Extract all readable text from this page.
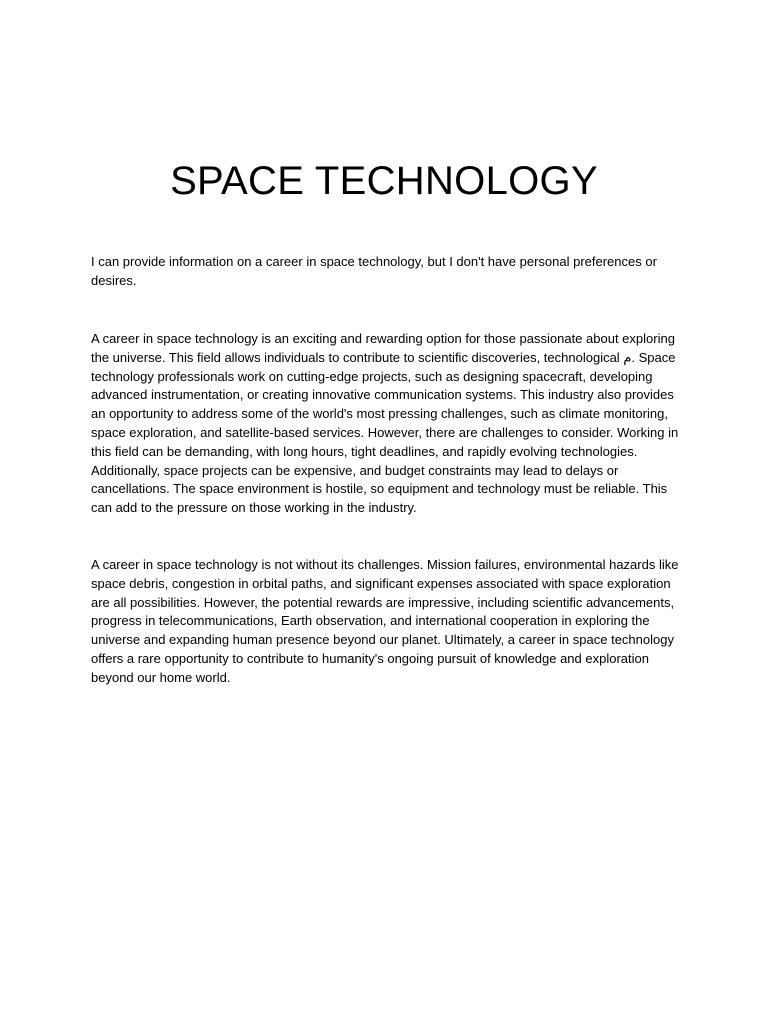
SPACE TECHNOLOGY

I can provide information on a career in space technology, but I don't have personal preferences or desires.

A career in space technology is an exciting and rewarding option for those passionate about exploring the universe. This field allows individuals to contribute to scientific discoveries, technological م. Space technology professionals work on cutting-edge projects, such as designing spacecraft, developing advanced instrumentation, or creating innovative communication systems. This industry also provides an opportunity to address some of the world's most pressing challenges, such as climate monitoring, space exploration, and satellite-based services. However, there are challenges to consider. Working in this field can be demanding, with long hours, tight deadlines, and rapidly evolving technologies. Additionally, space projects can be expensive, and budget constraints may lead to delays or cancellations. The space environment is hostile, so equipment and technology must be reliable. This can add to the pressure on those working in the industry.

A career in space technology is not without its challenges. Mission failures, environmental hazards like space debris, congestion in orbital paths, and significant expenses associated with space exploration are all possibilities. However, the potential rewards are impressive, including scientific advancements, progress in telecommunications, Earth observation, and international cooperation in exploring the universe and expanding human presence beyond our planet. Ultimately, a career in space technology offers a rare opportunity to contribute to humanity's ongoing pursuit of knowledge and exploration beyond our home world.
